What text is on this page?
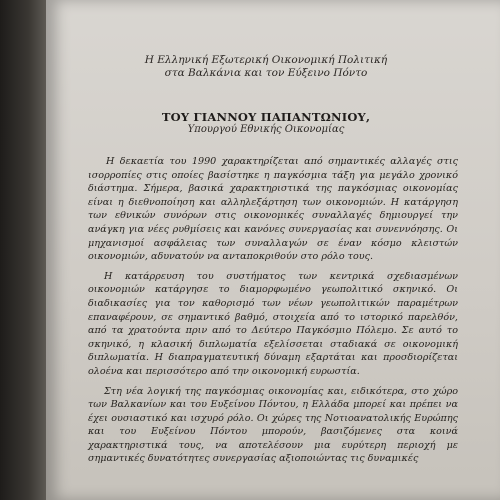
Η Ελληνική Εξωτερική Οικονομική Πολιτική
στα Βαλκάνια και τον Εύξεινο Πόντο
ΤΟΥ ΓΙΑΝΝΟΥ ΠΑΠΑΝΤΩΝΙΟΥ,
Υπουργού Εθνικής Οικονομίας

Η δεκαετία του 1990 χαρακτηρίζεται από σημαντικές αλλαγές στις ισορροπίες στις οποίες βασίστηκε η παγκόσμια τάξη για μεγάλο χρονικό διάστημα. Σήμερα, βασικά χαρακτηριστικά της παγκόσμιας οικονομίας είναι η διεθνοποίηση και αλληλεξάρτηση των οικονομιών. Η κατάργηση των εθνικών συνόρων στις οικονομικές συναλλαγές δημιουργεί την ανάγκη για νέες ρυθμίσεις και κανόνες συνεργασίας και συνεννόησης. Οι μηχανισμοί ασφάλειας των συναλλαγών σε έναν κόσμο κλειστών οικονομιών, αδυνατούν να ανταποκριθούν στο ρόλο τους.

Η κατάρρευση του συστήματος των κεντρικά σχεδιασμένων οικονομιών κατάργησε το διαμορφωμένο γεωπολιτικό σκηνικό. Οι διαδικασίες για τον καθορισμό των νέων γεωπολιτικών παραμέτρων επαναφέρουν, σε σημαντικό βαθμό, στοιχεία από το ιστορικό παρελθόν, από τα χρατούντα πριν από το Δεύτερο Παγκόσμιο Πόλεμο. Σε αυτό το σκηνικό, η κλασική διπλωματία εξελίσσεται σταδιακά σε οικονομική διπλωματία. Η διαπραγματευτική δύναμη εξαρτάται και προσδιορίζεται ολοένα και περισσότερο από την οικονομική ευρωστία.

Στη νέα λογική της παγκόσμιας οικονομίας και, ειδικότερα, στο χώρο των Βαλκανίων και του Ευξείνου Πόντου, η Ελλάδα μπορεί και πρέπει να έχει ουσιαστικό και ισχυρό ρόλο. Οι χώρες της Νοτιοανατολικής Ευρώπης και του Ευξείνου Πόντου μπορούν, βασιζόμενες στα κοινά χαρακτηριστικά τους, να αποτελέσουν μια ευρύτερη περιοχή με σημαντικές δυνατότητες συνεργασίας αξιοποιώντας τις δυναμικές
